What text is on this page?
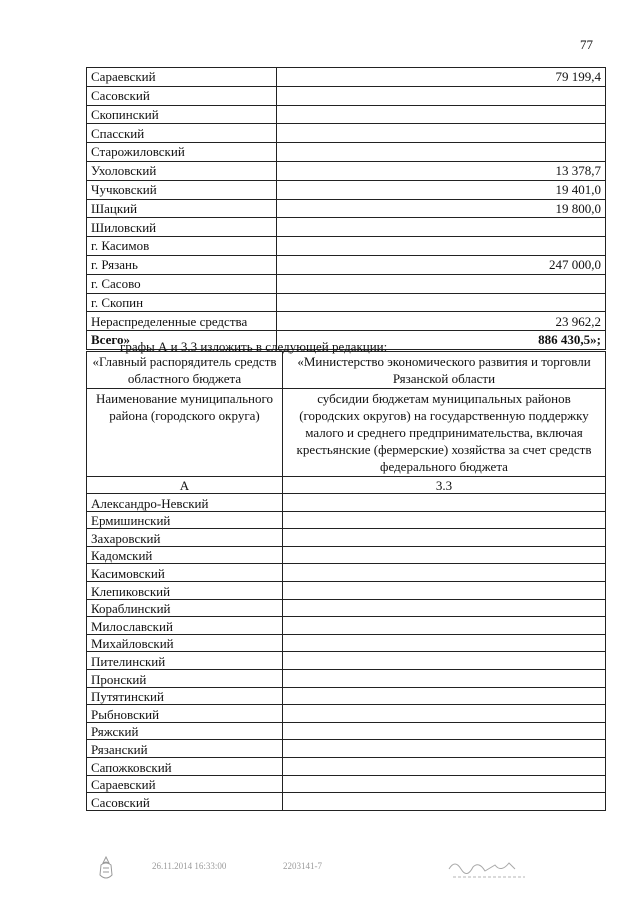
77
Сараевский	79 199,4
Сасовский	
Скопинский	
Спасский	
Старожиловский	
Ухоловский	13 378,7
Чучковский	19 401,0
Шацкий	19 800,0
Шиловский	
г. Касимов	
г. Рязань	247 000,0
г. Сасово	
г. Скопин	
Нераспределенные средства	23 962,2
Всего»	886 430,5»;
графы А и 3.3 изложить в следующей редакции:
«Главный распорядитель средств областного бюджета	«Министерство экономического развития и торговли Рязанской области
Наименование муниципального района (городского округа)	субсидии бюджетам муниципальных районов (городских округов) на государственную поддержку малого и среднего предпринимательства, включая крестьянские (фермерские) хозяйства за счет средств федерального бюджета
А	3.3
Александро-Невский	
Ермишинский	
Захаровский	
Кадомский	
Касимовский	
Клепиковский	
Кораблинский	
Милославский	
Михайловский	
Пителинский	
Пронский	
Путятинский	
Рыбновский	
Ряжский	
Рязанский	
Сапожковский	
Сараевский	
Сасовский	
26.11.2014 16:33:00	2203141-7
